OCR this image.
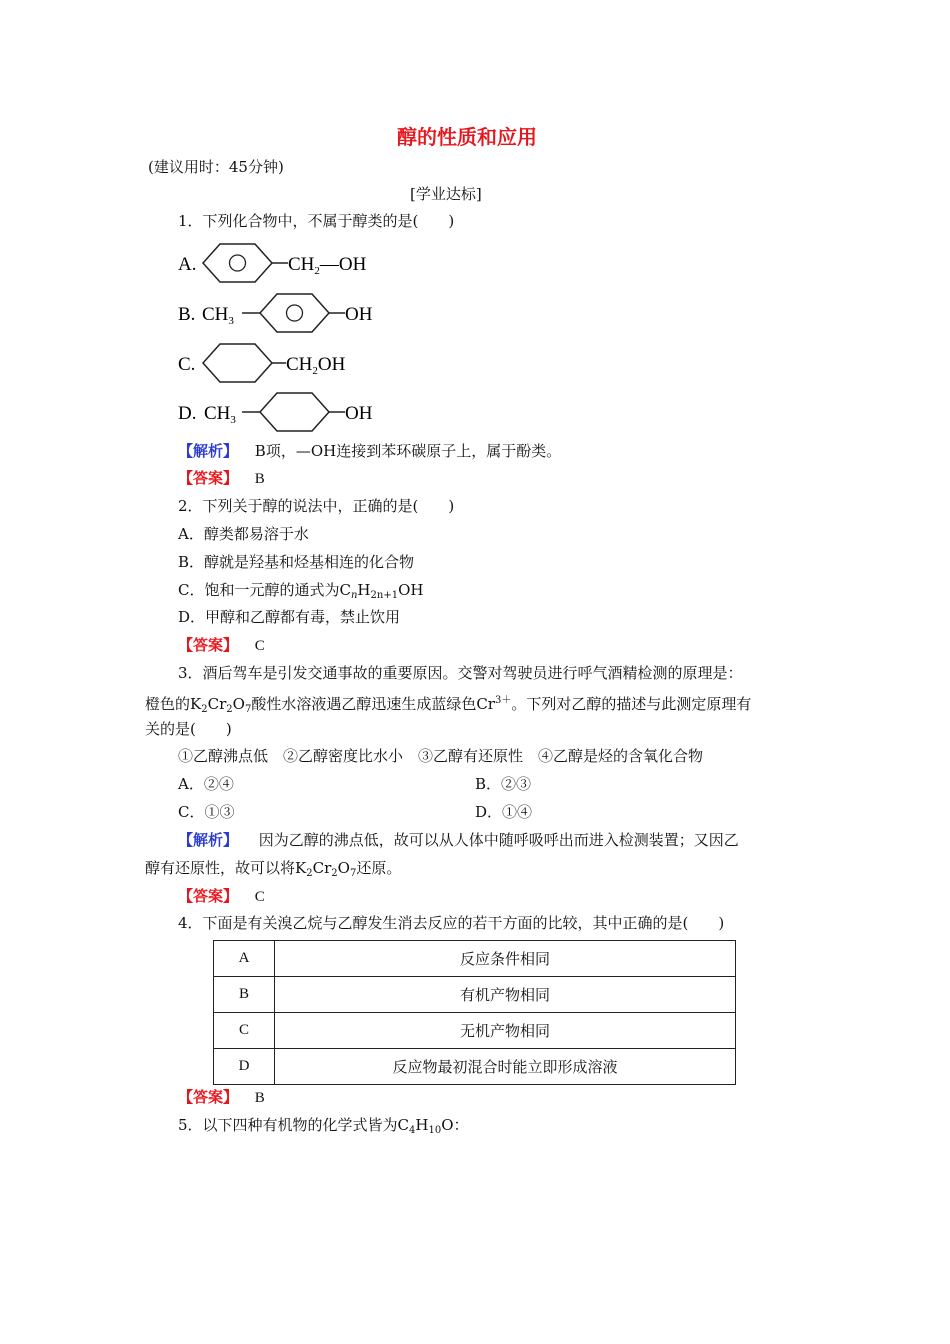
醇的性质和应用
(建议用时：45分钟)
[学业达标]
1．下列化合物中，不属于醇类的是(　　)
A.	$CH_2—OH$
B. $CH_3$	OH
C.	$CH_2OH$
D. $CH_3$	OH
【解析】 B项，—OH连接到苯环碳原子上，属于酚类。
【答案】 B
2．下列关于醇的说法中，正确的是(　　)
A．醇类都易溶于水
B．醇就是羟基和烃基相连的化合物
C．饱和一元醇的通式为$C_nH_{2n+1}OH$
D．甲醇和乙醇都有毒，禁止饮用
【答案】 C
3．酒后驾车是引发交通事故的重要原因。交警对驾驶员进行呼气酒精检测的原理是：
橙色的$K_2Cr_2O_7$酸性水溶液遇乙醇迅速生成蓝绿色$Cr^{3+}$。下列对乙醇的描述与此测定原理有
关的是(　　)
①乙醇沸点低　②乙醇密度比水小　③乙醇有还原性　④乙醇是烃的含氧化合物
A．②④	B．②③
C．①③	D．①④
【解析】 因为乙醇的沸点低，故可以从人体中随呼吸呼出而进入检测装置；又因乙
醇有还原性，故可以将$K_2Cr_2O_7$还原。
【答案】 C
4．下面是有关溴乙烷与乙醇发生消去反应的若干方面的比较，其中正确的是(　　)
A	反应条件相同
B	有机产物相同
C	无机产物相同
D	反应物最初混合时能立即形成溶液
【答案】 B
5．以下四种有机物的化学式皆为$C_4H_{10}O$：
